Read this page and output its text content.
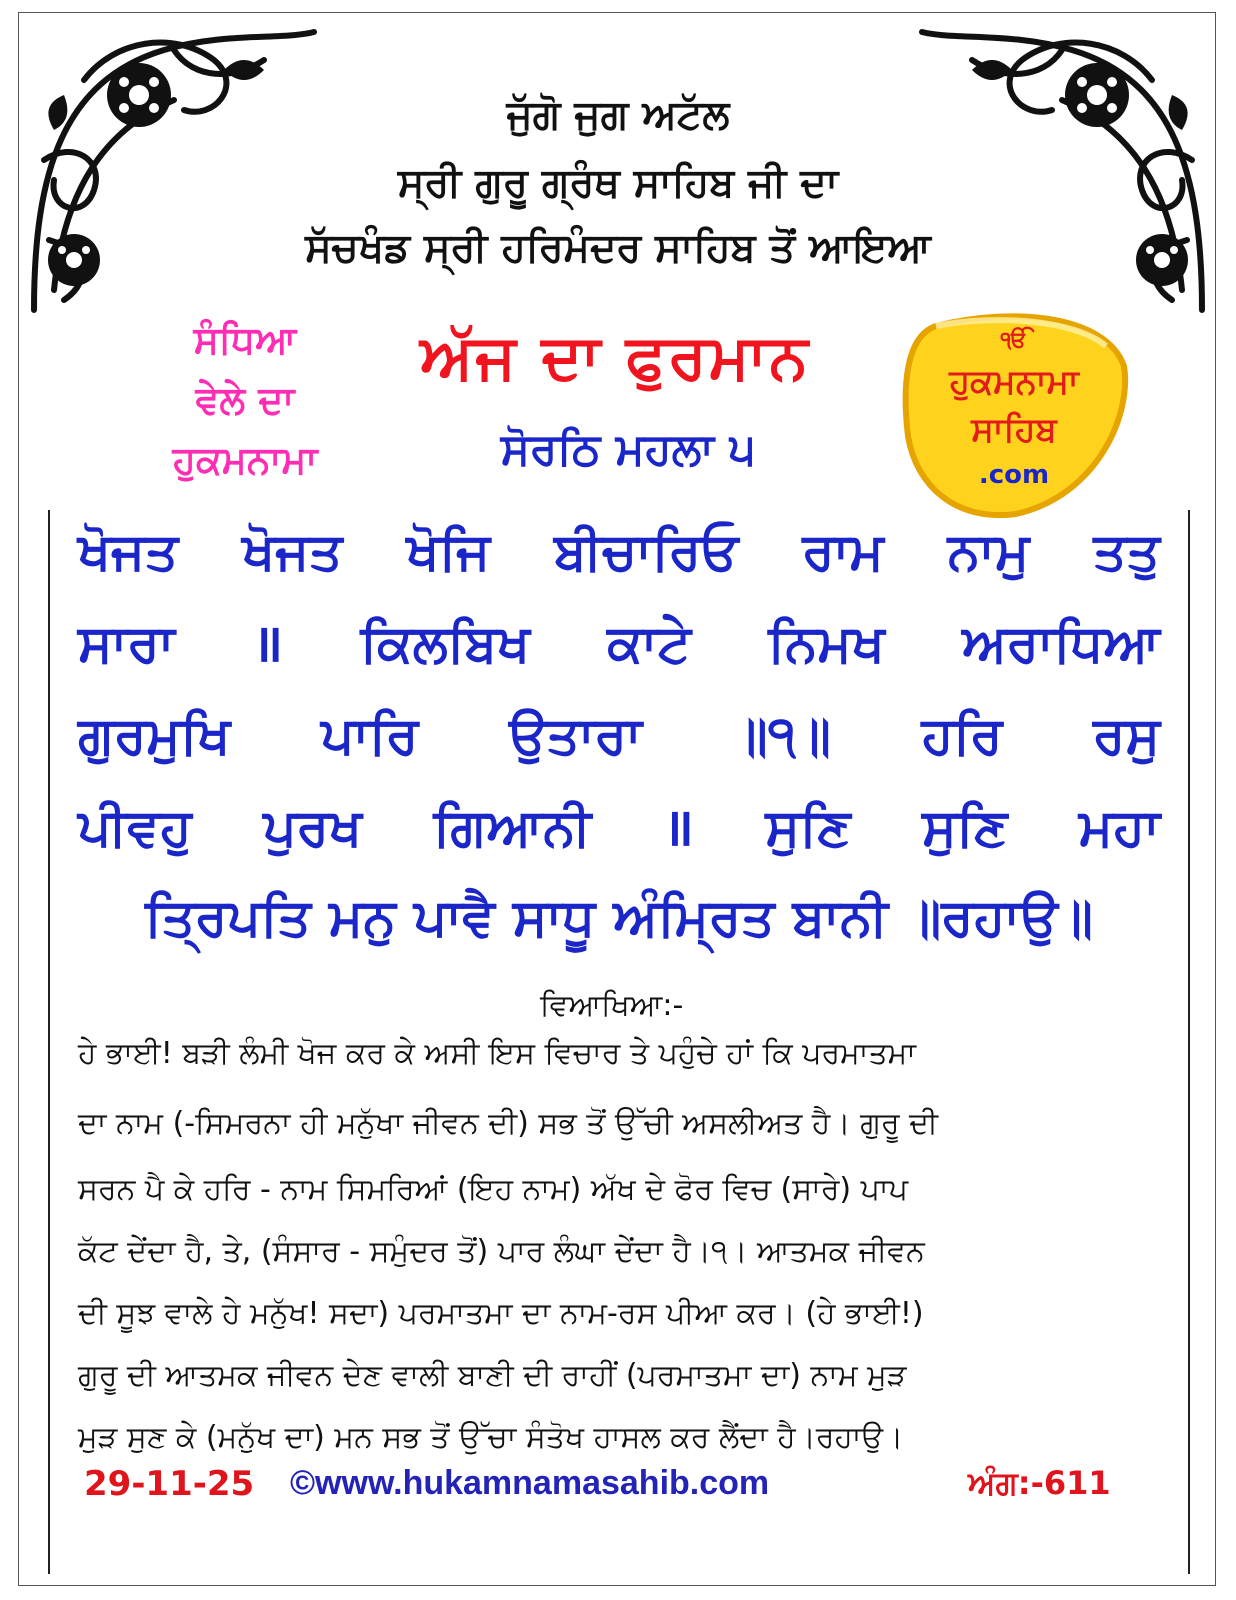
ਜੁੱਗੋ ਜੁਗ ਅਟੱਲ
ਸ੍ਰੀ ਗੁਰੂ ਗ੍ਰੰਥ ਸਾਹਿਬ ਜੀ ਦਾ
ਸੱਚਖੰਡ ਸ੍ਰੀ ਹਰਿਮੰਦਰ ਸਾਹਿਬ ਤੋਂ ਆਇਆ
ਸੰਧਿਆ
ਵੇਲੇ ਦਾ
ਹੁਕਮਨਾਮਾ
ਅੱਜ ਦਾ ਫੁਰਮਾਨ
ਸੋਰਠਿ ਮਹਲਾ ੫
ੴ
ਹੁਕਮਨਾਮਾ
ਸਾਹਿਬ
.com
ਖੋਜਤ ਖੋਜਤ ਖੋਜਿ ਬੀਚਾਰਿਓ ਰਾਮ ਨਾਮੁ ਤਤੁ
ਸਾਰਾ ॥ ਕਿਲਬਿਖ ਕਾਟੇ ਨਿਮਖ ਅਰਾਧਿਆ
ਗੁਰਮੁਖਿ ਪਾਰਿ ਉਤਾਰਾ ॥੧॥ ਹਰਿ ਰਸੁ
ਪੀਵਹੁ ਪੁਰਖ ਗਿਆਨੀ ॥ ਸੁਣਿ ਸੁਣਿ ਮਹਾ
ਤ੍ਰਿਪਤਿ ਮਨੁ ਪਾਵੈ ਸਾਧੂ ਅੰਮ੍ਰਿਤ ਬਾਨੀ ॥ਰਹਾਉ॥
ਵਿਆਖਿਆ:-
ਹੇ ਭਾਈ! ਬੜੀ ਲੰਮੀ ਖੋਜ ਕਰ ਕੇ ਅਸੀ ਇਸ ਵਿਚਾਰ ਤੇ ਪਹੁੰਚੇ ਹਾਂ ਕਿ ਪਰਮਾਤਮਾ
ਦਾ ਨਾਮ (-ਸਿਮਰਨਾ ਹੀ ਮਨੁੱਖਾ ਜੀਵਨ ਦੀ) ਸਭ ਤੋਂ ਉੱਚੀ ਅਸਲੀਅਤ ਹੈ। ਗੁਰੂ ਦੀ
ਸਰਨ ਪੈ ਕੇ ਹਰਿ - ਨਾਮ ਸਿਮਰਿਆਂ (ਇਹ ਨਾਮ) ਅੱਖ ਦੇ ਫੋਰ ਵਿਚ (ਸਾਰੇ) ਪਾਪ
ਕੱਟ ਦੇਂਦਾ ਹੈ, ਤੇ, (ਸੰਸਾਰ - ਸਮੁੰਦਰ ਤੋਂ) ਪਾਰ ਲੰਘਾ ਦੇਂਦਾ ਹੈ।੧। ਆਤਮਕ ਜੀਵਨ
ਦੀ ਸੂਝ ਵਾਲੇ ਹੇ ਮਨੁੱਖ! ਸਦਾ) ਪਰਮਾਤਮਾ ਦਾ ਨਾਮ-ਰਸ ਪੀਆ ਕਰ। (ਹੇ ਭਾਈ!)
ਗੁਰੂ ਦੀ ਆਤਮਕ ਜੀਵਨ ਦੇਣ ਵਾਲੀ ਬਾਣੀ ਦੀ ਰਾਹੀਂ (ਪਰਮਾਤਮਾ ਦਾ) ਨਾਮ ਮੁੜ
ਮੁੜ ਸੁਣ ਕੇ (ਮਨੁੱਖ ਦਾ) ਮਨ ਸਭ ਤੋਂ ਉੱਚਾ ਸੰਤੋਖ ਹਾਸਲ ਕਰ ਲੈਂਦਾ ਹੈ।ਰਹਾਉ।
29-11-25 ©www.hukamnamasahib.com	ਅੰਗ:-611
